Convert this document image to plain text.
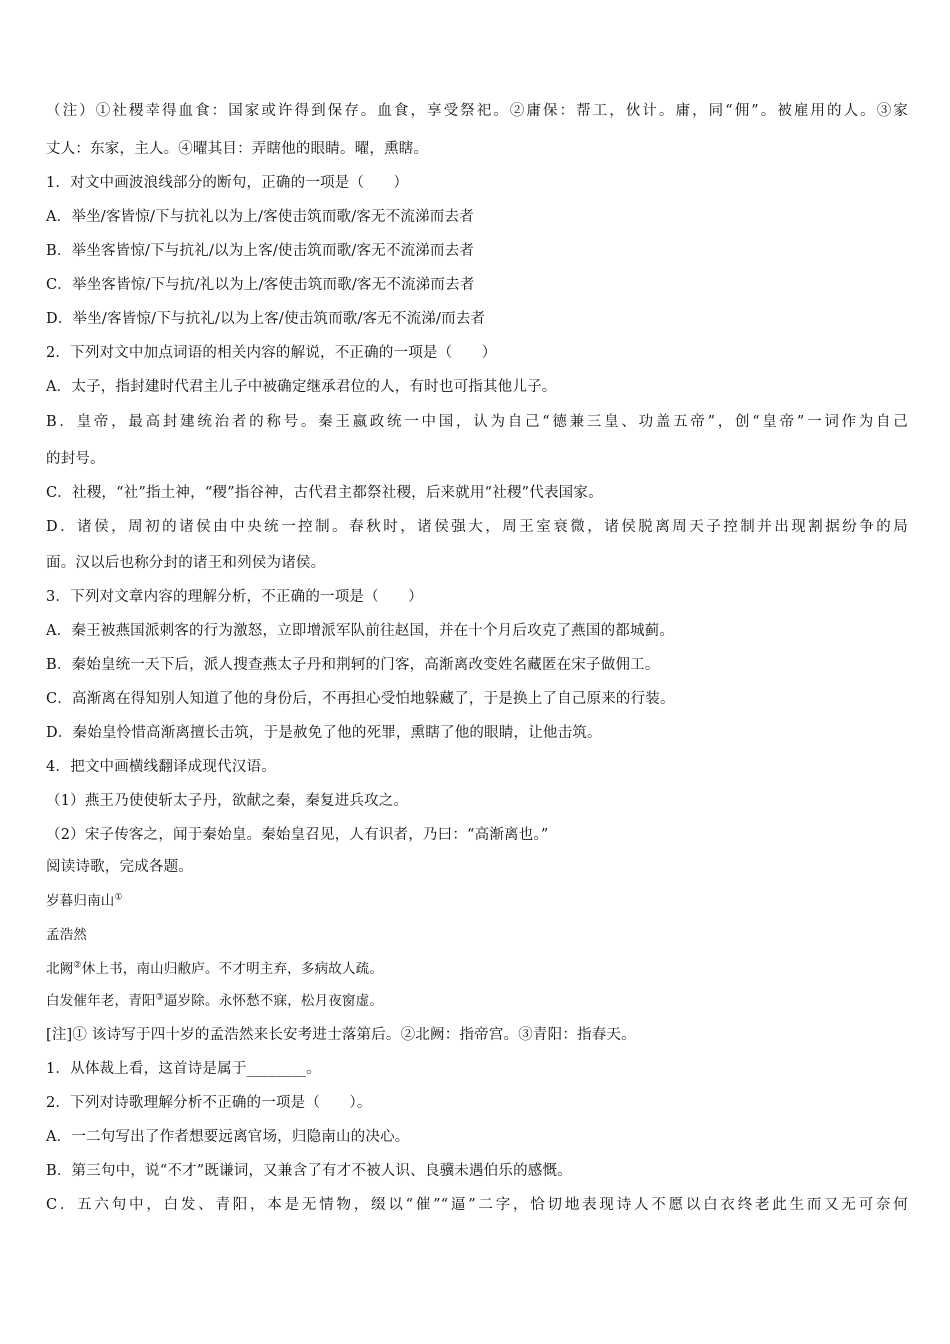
（注）①社稷幸得血食：国家或许得到保存。血食，享受祭祀。②庸保：帮工，伙计。庸，同“佣”。被雇用的人。③家
丈人：东家，主人。④曜其目：弄瞎他的眼睛。曜，熏瞎。
1．对文中画波浪线部分的断句，正确的一项是（　　）
A．举坐/客皆惊/下与抗礼以为上/客使击筑而歌/客无不流涕而去者
B．举坐客皆惊/下与抗礼/以为上客/使击筑而歌/客无不流涕而去者
C．举坐客皆惊/下与抗/礼以为上/客使击筑而歌/客无不流涕而去者
D．举坐/客皆惊/下与抗礼/以为上客/使击筑而歌/客无不流涕/而去者
2．下列对文中加点词语的相关内容的解说，不正确的一项是（　　）
A．太子，指封建时代君主儿子中被确定继承君位的人，有时也可指其他儿子。
B．皇帝，最高封建统治者的称号。秦王嬴政统一中国，认为自己“德兼三皇、功盖五帝”，创“皇帝”一词作为自己
的封号。
C．社稷，“社”指土神，“稷”指谷神，古代君主都祭社稷，后来就用“社稷”代表国家。
D．诸侯，周初的诸侯由中央统一控制。春秋时，诸侯强大，周王室衰微，诸侯脱离周天子控制并出现割据纷争的局
面。汉以后也称分封的诸王和列侯为诸侯。
3．下列对文章内容的理解分析，不正确的一项是（　　）
A．秦王被燕国派刺客的行为激怒，立即增派军队前往赵国，并在十个月后攻克了燕国的都城蓟。
B．秦始皇统一天下后，派人搜查燕太子丹和荆轲的门客，高渐离改变姓名藏匿在宋子做佣工。
C．高渐离在得知别人知道了他的身份后，不再担心受怕地躲藏了，于是换上了自己原来的行装。
D．秦始皇怜惜高渐离擅长击筑，于是赦免了他的死罪，熏瞎了他的眼睛，让他击筑。
4．把文中画横线翻译成现代汉语。
（1）燕王乃使使斩太子丹，欲献之秦，秦复进兵攻之。
（2）宋子传客之，闻于秦始皇。秦始皇召见，人有识者，乃曰：“高渐离也。”
阅读诗歌，完成各题。
岁暮归南山①
孟浩然
北阙②休上书，南山归敝庐。不才明主弃，多病故人疏。
白发催年老，青阳③逼岁除。永怀愁不寐，松月夜窗虚。
[注]① 该诗写于四十岁的孟浩然来长安考进士落第后。②北阙：指帝宫。③青阳：指春天。
1．从体裁上看，这首诗是属于________。
2．下列对诗歌理解分析不正确的一项是（　　）。
A．一二句写出了作者想要远离官场，归隐南山的决心。
B．第三句中，说“不才”既谦词，又兼含了有才不被人识、良骥未遇伯乐的感慨。
C．五六句中，白发、青阳，本是无情物，缀以“催”“逼”二字，恰切地表现诗人不愿以白衣终老此生而又无可奈何
